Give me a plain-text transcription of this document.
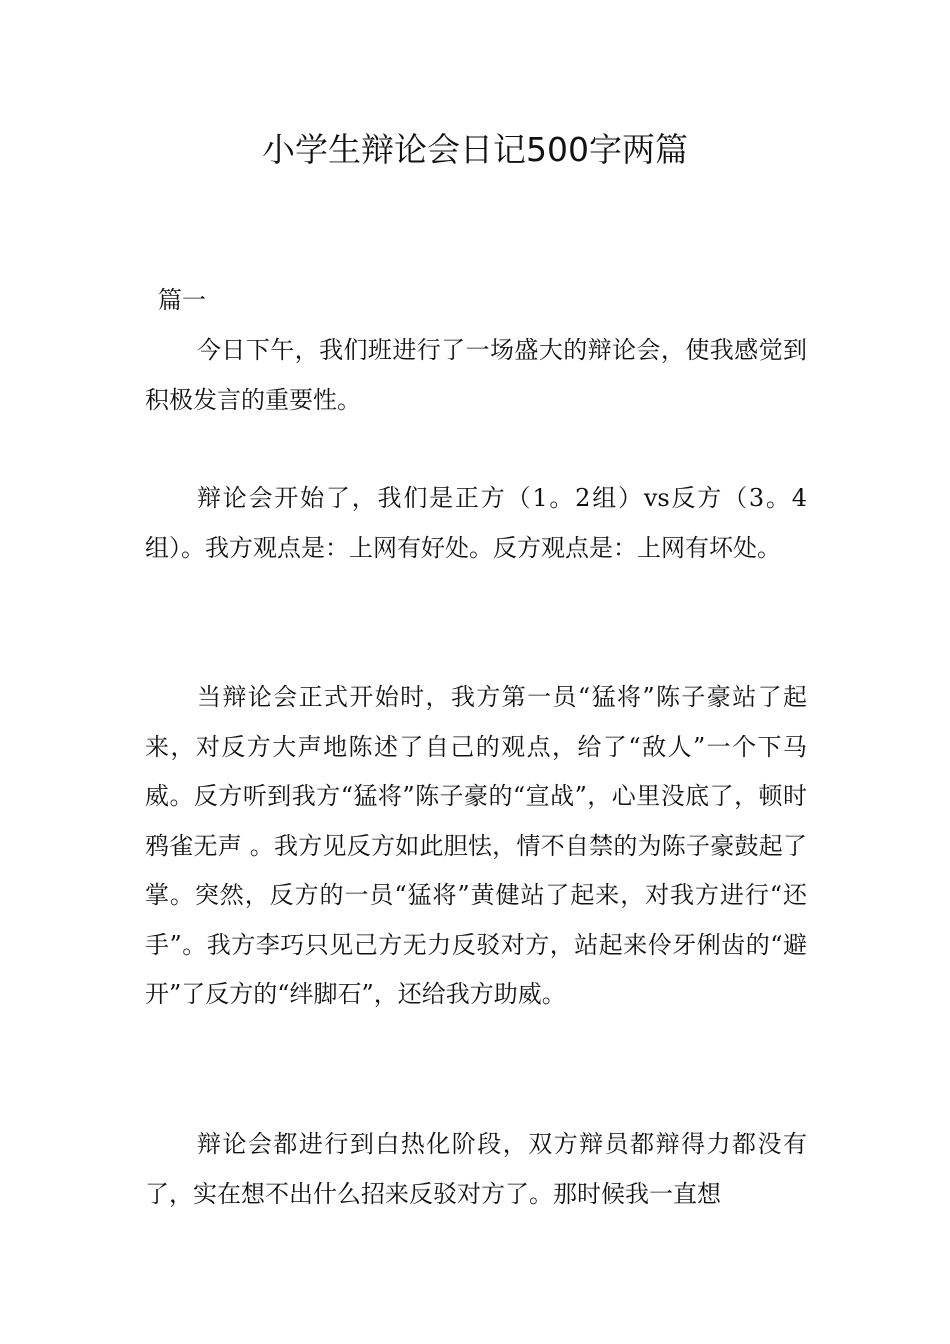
小学生辩论会日记500字两篇
篇一

今日下午，我们班进行了一场盛大的辩论会，使我感觉到积极发言的重要性。

辩论会开始了，我们是正方（1。2组）vs反方（3。4组）。我方观点是：上网有好处。反方观点是：上网有坏处。

当辩论会正式开始时，我方第一员“猛将”陈子豪站了起来，对反方大声地陈述了自己的观点，给了“敌人”一个下马威。反方听到我方“猛将”陈子豪的“宣战”，心里没底了，顿时鸦雀无声 。我方见反方如此胆怯，情不自禁的为陈子豪鼓起了掌。突然，反方的一员“猛将”黄健站了起来，对我方进行“还手”。我方李巧只见己方无力反驳对方，站起来伶牙俐齿的“避开”了反方的“绊脚石”，还给我方助威。

辩论会都进行到白热化阶段，双方辩员都辩得力都没有了，实在想不出什么招来反驳对方了。那时候我一直想
